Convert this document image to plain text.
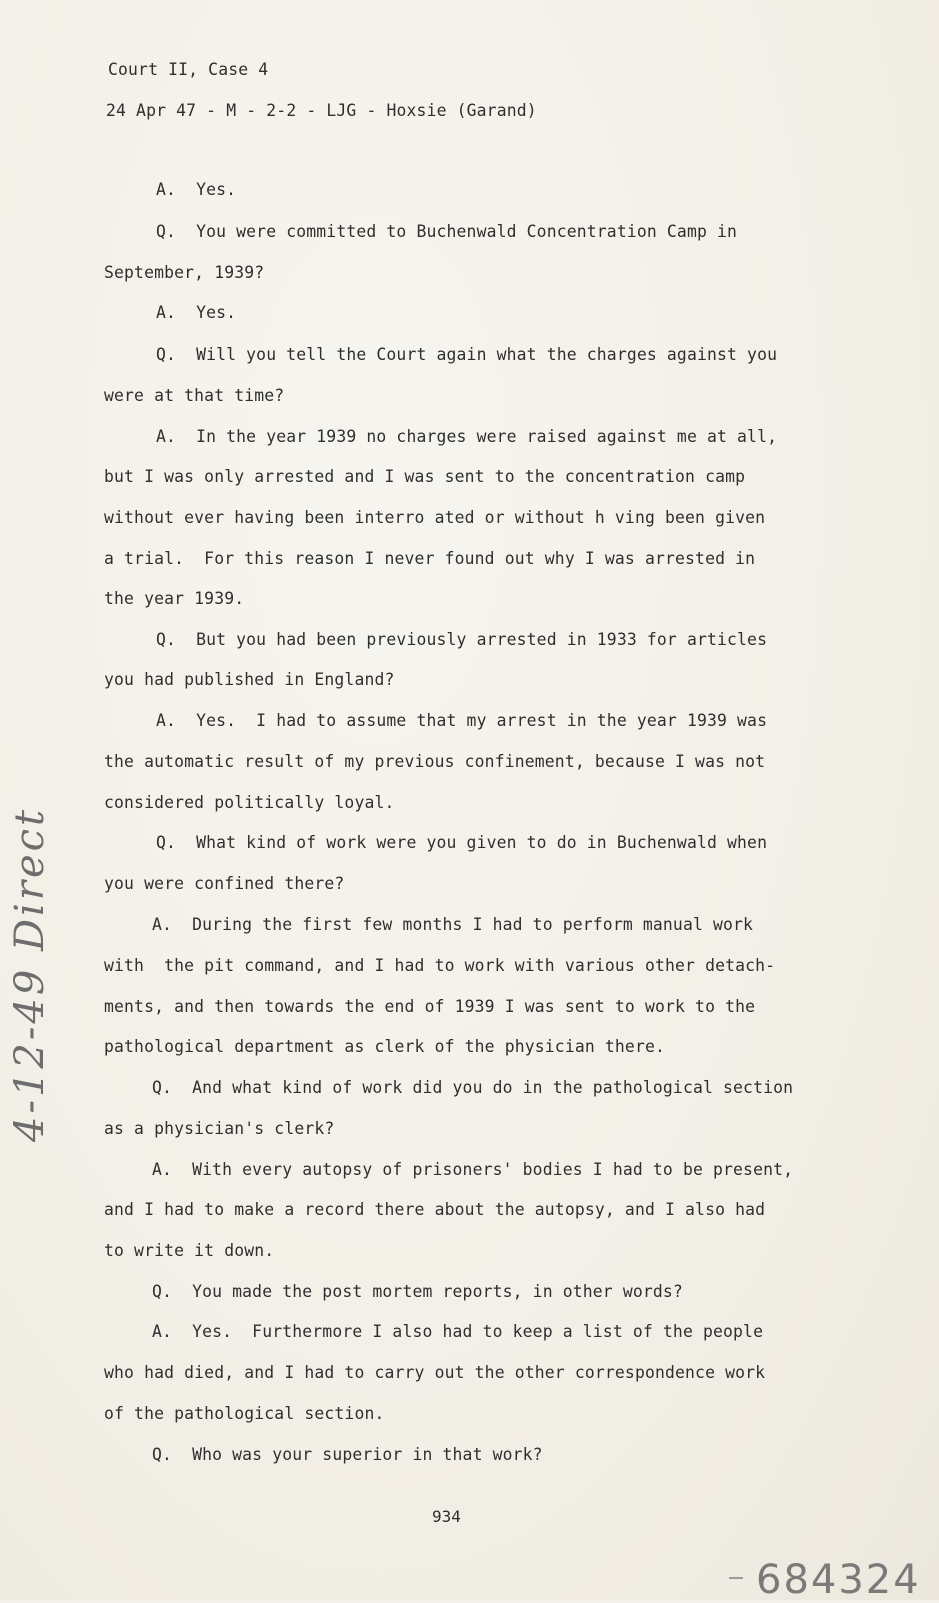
Court II, Case 4
24 Apr 47 - M - 2-2 - LJG - Hoxsie (Garand)
A.  Yes.
Q.  You were committed to Buchenwald Concentration Camp in
September, 1939?
A.  Yes.
Q.  Will you tell the Court again what the charges against you
were at that time?
A.  In the year 1939 no charges were raised against me at all,
but I was only arrested and I was sent to the concentration camp
without ever having been interro ated or without h ving been given
a trial.  For this reason I never found out why I was arrested in
the year 1939.
Q.  But you had been previously arrested in 1933 for articles
you had published in England?
A.  Yes.  I had to assume that my arrest in the year 1939 was
the automatic result of my previous confinement, because I was not
considered politically loyal.
Q.  What kind of work were you given to do in Buchenwald when
you were confined there?
A.  During the first few months I had to perform manual work
with  the pit command, and I had to work with various other detach-
ments, and then towards the end of 1939 I was sent to work to the
pathological department as clerk of the physician there.
Q.  And what kind of work did you do in the pathological section
as a physician's clerk?
A.  With every autopsy of prisoners' bodies I had to be present,
and I had to make a record there about the autopsy, and I also had
to write it down.
Q.  You made the post mortem reports, in other words?
A.  Yes.  Furthermore I also had to keep a list of the people
who had died, and I had to carry out the other correspondence work
of the pathological section.
Q.  Who was your superior in that work?
934
4-12-49 Direct
684324
